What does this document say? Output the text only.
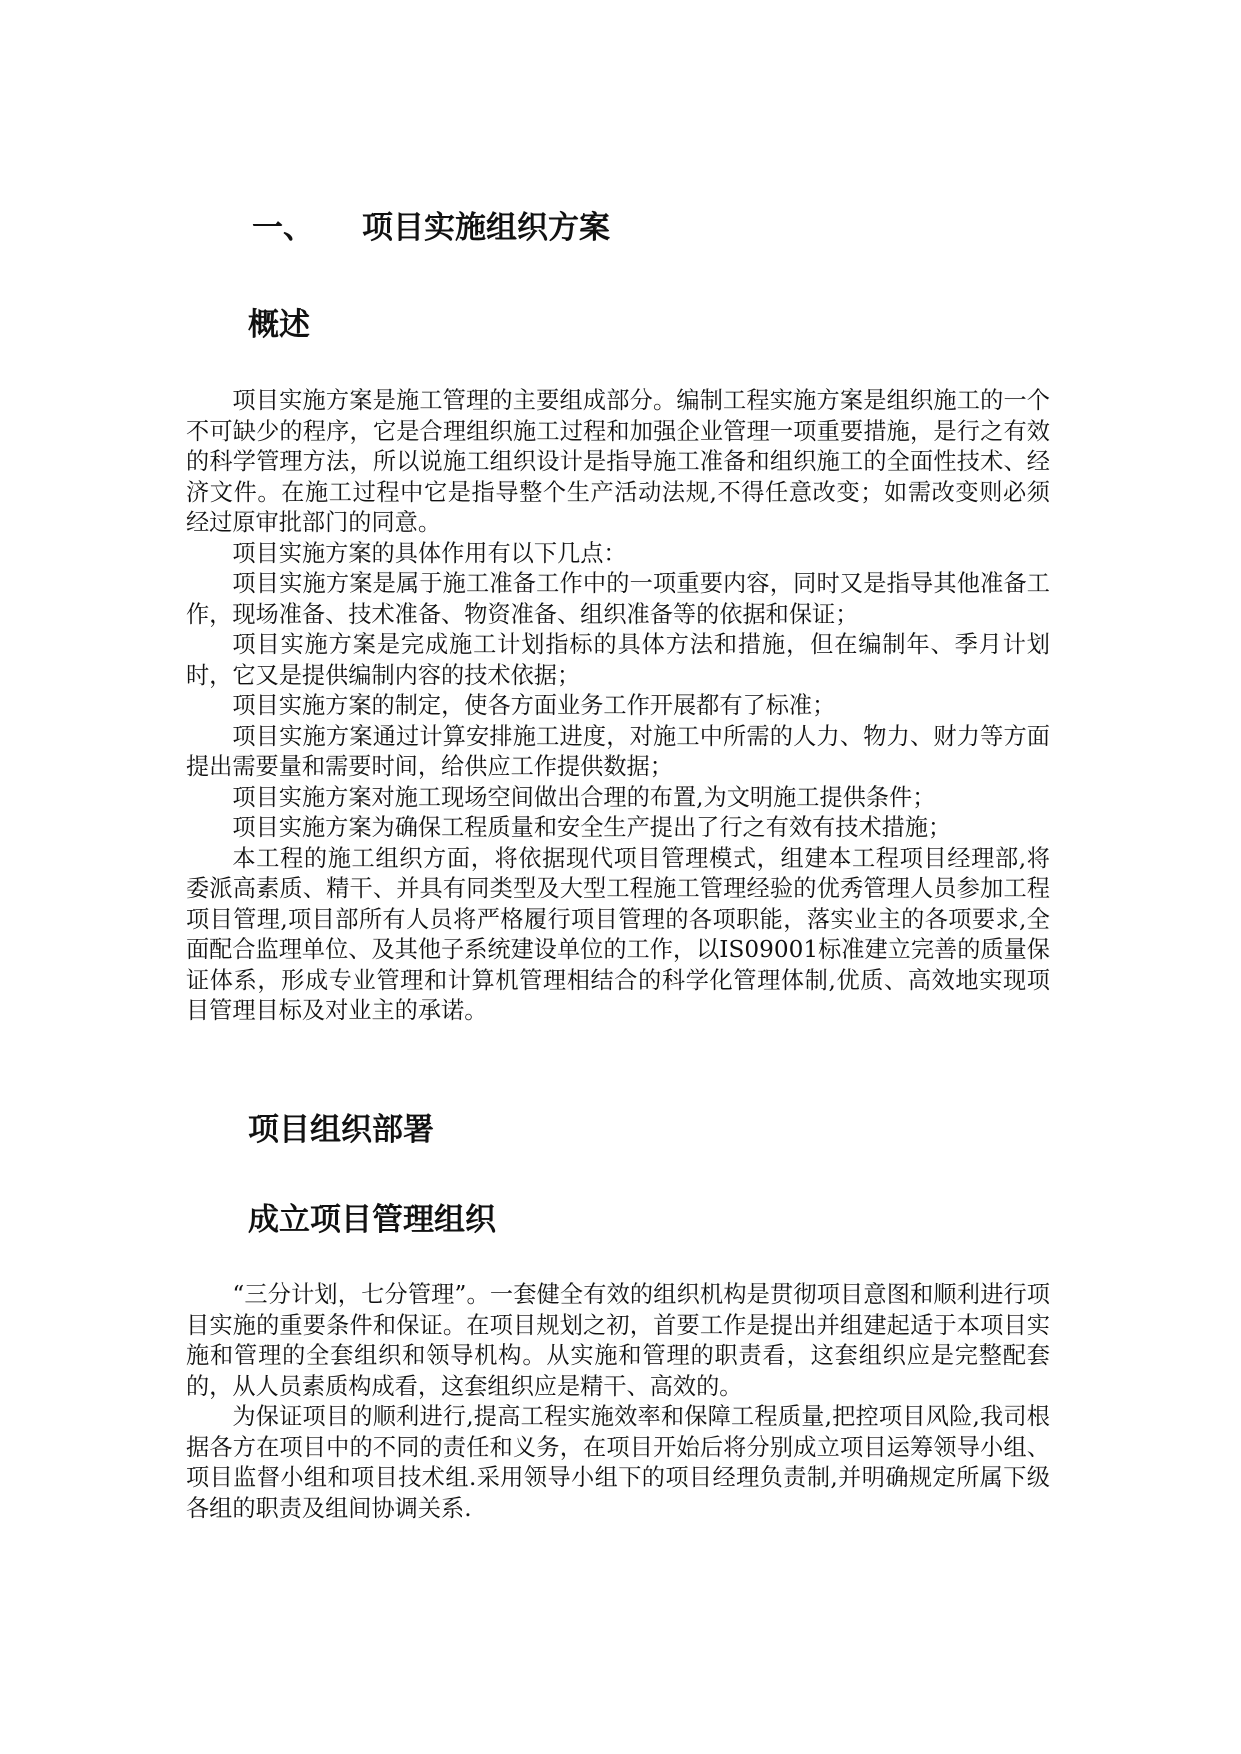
一、 项目实施组织方案
概述

项目实施方案是施工管理的主要组成部分。编制工程实施方案是组织施工的一个不可缺少的程序，它是合理组织施工过程和加强企业管理一项重要措施，是行之有效的科学管理方法，所以说施工组织设计是指导施工准备和组织施工的全面性技术、经济文件。在施工过程中它是指导整个生产活动法规,不得任意改变；如需改变则必须经过原审批部门的同意。

项目实施方案的具体作用有以下几点：

项目实施方案是属于施工准备工作中的一项重要内容，同时又是指导其他准备工作，现场准备、技术准备、物资准备、组织准备等的依据和保证；

项目实施方案是完成施工计划指标的具体方法和措施，但在编制年、季月计划时，它又是提供编制内容的技术依据；

项目实施方案的制定，使各方面业务工作开展都有了标准；

项目实施方案通过计算安排施工进度，对施工中所需的人力、物力、财力等方面提出需要量和需要时间，给供应工作提供数据；

项目实施方案对施工现场空间做出合理的布置,为文明施工提供条件；

项目实施方案为确保工程质量和安全生产提出了行之有效有技术措施；

本工程的施工组织方面，将依据现代项目管理模式，组建本工程项目经理部,将委派高素质、精干、并具有同类型及大型工程施工管理经验的优秀管理人员参加工程项目管理,项目部所有人员将严格履行项目管理的各项职能，落实业主的各项要求,全面配合监理单位、及其他子系统建设单位的工作，以IS09001标准建立完善的质量保证体系，形成专业管理和计算机管理相结合的科学化管理体制,优质、高效地实现项目管理目标及对业主的承诺。

项目组织部署
成立项目管理组织

“三分计划，七分管理”。一套健全有效的组织机构是贯彻项目意图和顺利进行项目实施的重要条件和保证。在项目规划之初，首要工作是提出并组建起适于本项目实施和管理的全套组织和领导机构。从实施和管理的职责看，这套组织应是完整配套的，从人员素质构成看，这套组织应是精干、高效的。

为保证项目的顺利进行,提高工程实施效率和保障工程质量,把控项目风险,我司根据各方在项目中的不同的责任和义务，在项目开始后将分别成立项目运筹领导小组、项目监督小组和项目技术组.采用领导小组下的项目经理负责制,并明确规定所属下级各组的职责及组间协调关系.
